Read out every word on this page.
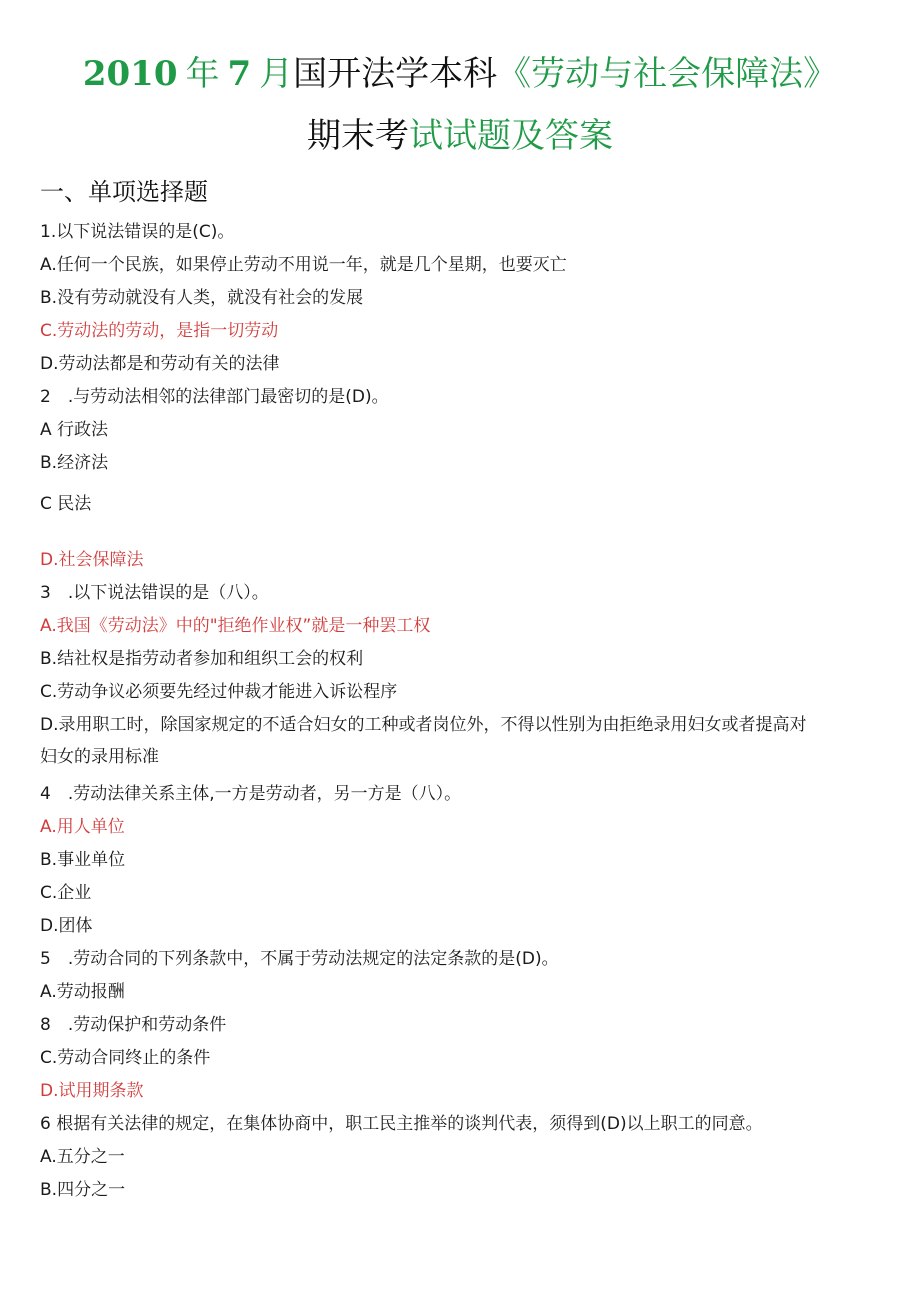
2010 年 7 月国开法学本科《劳动与社会保障法》
期末考试试题及答案
一、单项选择题
1.以下说法错误的是(C)。
A.任何一个民族，如果停止劳动不用说一年，就是几个星期，也要灭亡
B.没有劳动就没有人类，就没有社会的发展
C.劳动法的劳动，是指一切劳动
D.劳动法都是和劳动有关的法律
2　.与劳动法相邻的法律部门最密切的是(D)。
A 行政法
B.经济法
C 民法
D.社会保障法
3　.以下说法错误的是（八）。
A.我国《劳动法》中的"拒绝作业权”就是一种罢工权
B.结社权是指劳动者参加和组织工会的权利
C.劳动争议必须要先经过仲裁才能进入诉讼程序
D.录用职工时，除国家规定的不适合妇女的工种或者岗位外，不得以性别为由拒绝录用妇女或者提高对
妇女的录用标准
4　.劳动法律关系主体,一方是劳动者，另一方是（八）。
A.用人单位
B.事业单位
C.企业
D.团体
5　.劳动合同的下列条款中，不属于劳动法规定的法定条款的是(D)。
A.劳动报酬
8　.劳动保护和劳动条件
C.劳动合同终止的条件
D.试用期条款
6 根据有关法律的规定，在集体协商中，职工民主推举的谈判代表，须得到(D)以上职工的同意。
A.五分之一
B.四分之一
